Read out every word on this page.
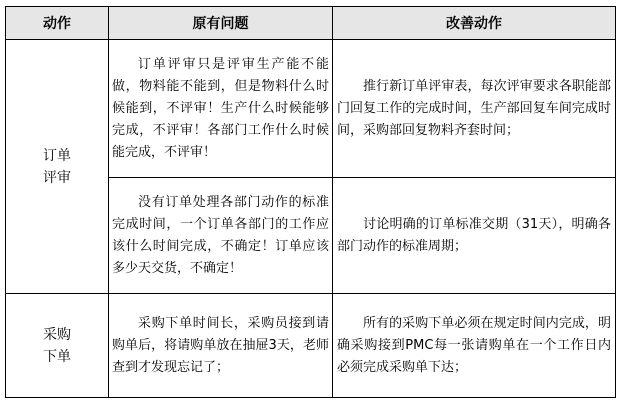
动作	原有问题	改善动作

订单
评审	订单评审只是评审生产能不能做，物料能不能到，但是物料什么时候能到，不评审！生产什么时候能够完成，不评审！各部门工作什么时候能完成，不评审！	推行新订单评审表，每次评审要求各职能部门回复工作的完成时间，生产部回复车间完成时间，采购部回复物料齐套时间；

	没有订单处理各部门动作的标准完成时间，一个订单各部门的工作应该什么时间完成，不确定！订单应该多少天交货，不确定！	讨论明确的订单标准交期（31天），明确各部门动作的标准周期；

采购
下单	采购下单时间长，采购员接到请购单后，将请购单放在抽屉3天，老师查到才发现忘记了；	所有的采购下单必须在规定时间内完成，明确采购接到PMC每一张请购单在一个工作日内必须完成采购单下达；
